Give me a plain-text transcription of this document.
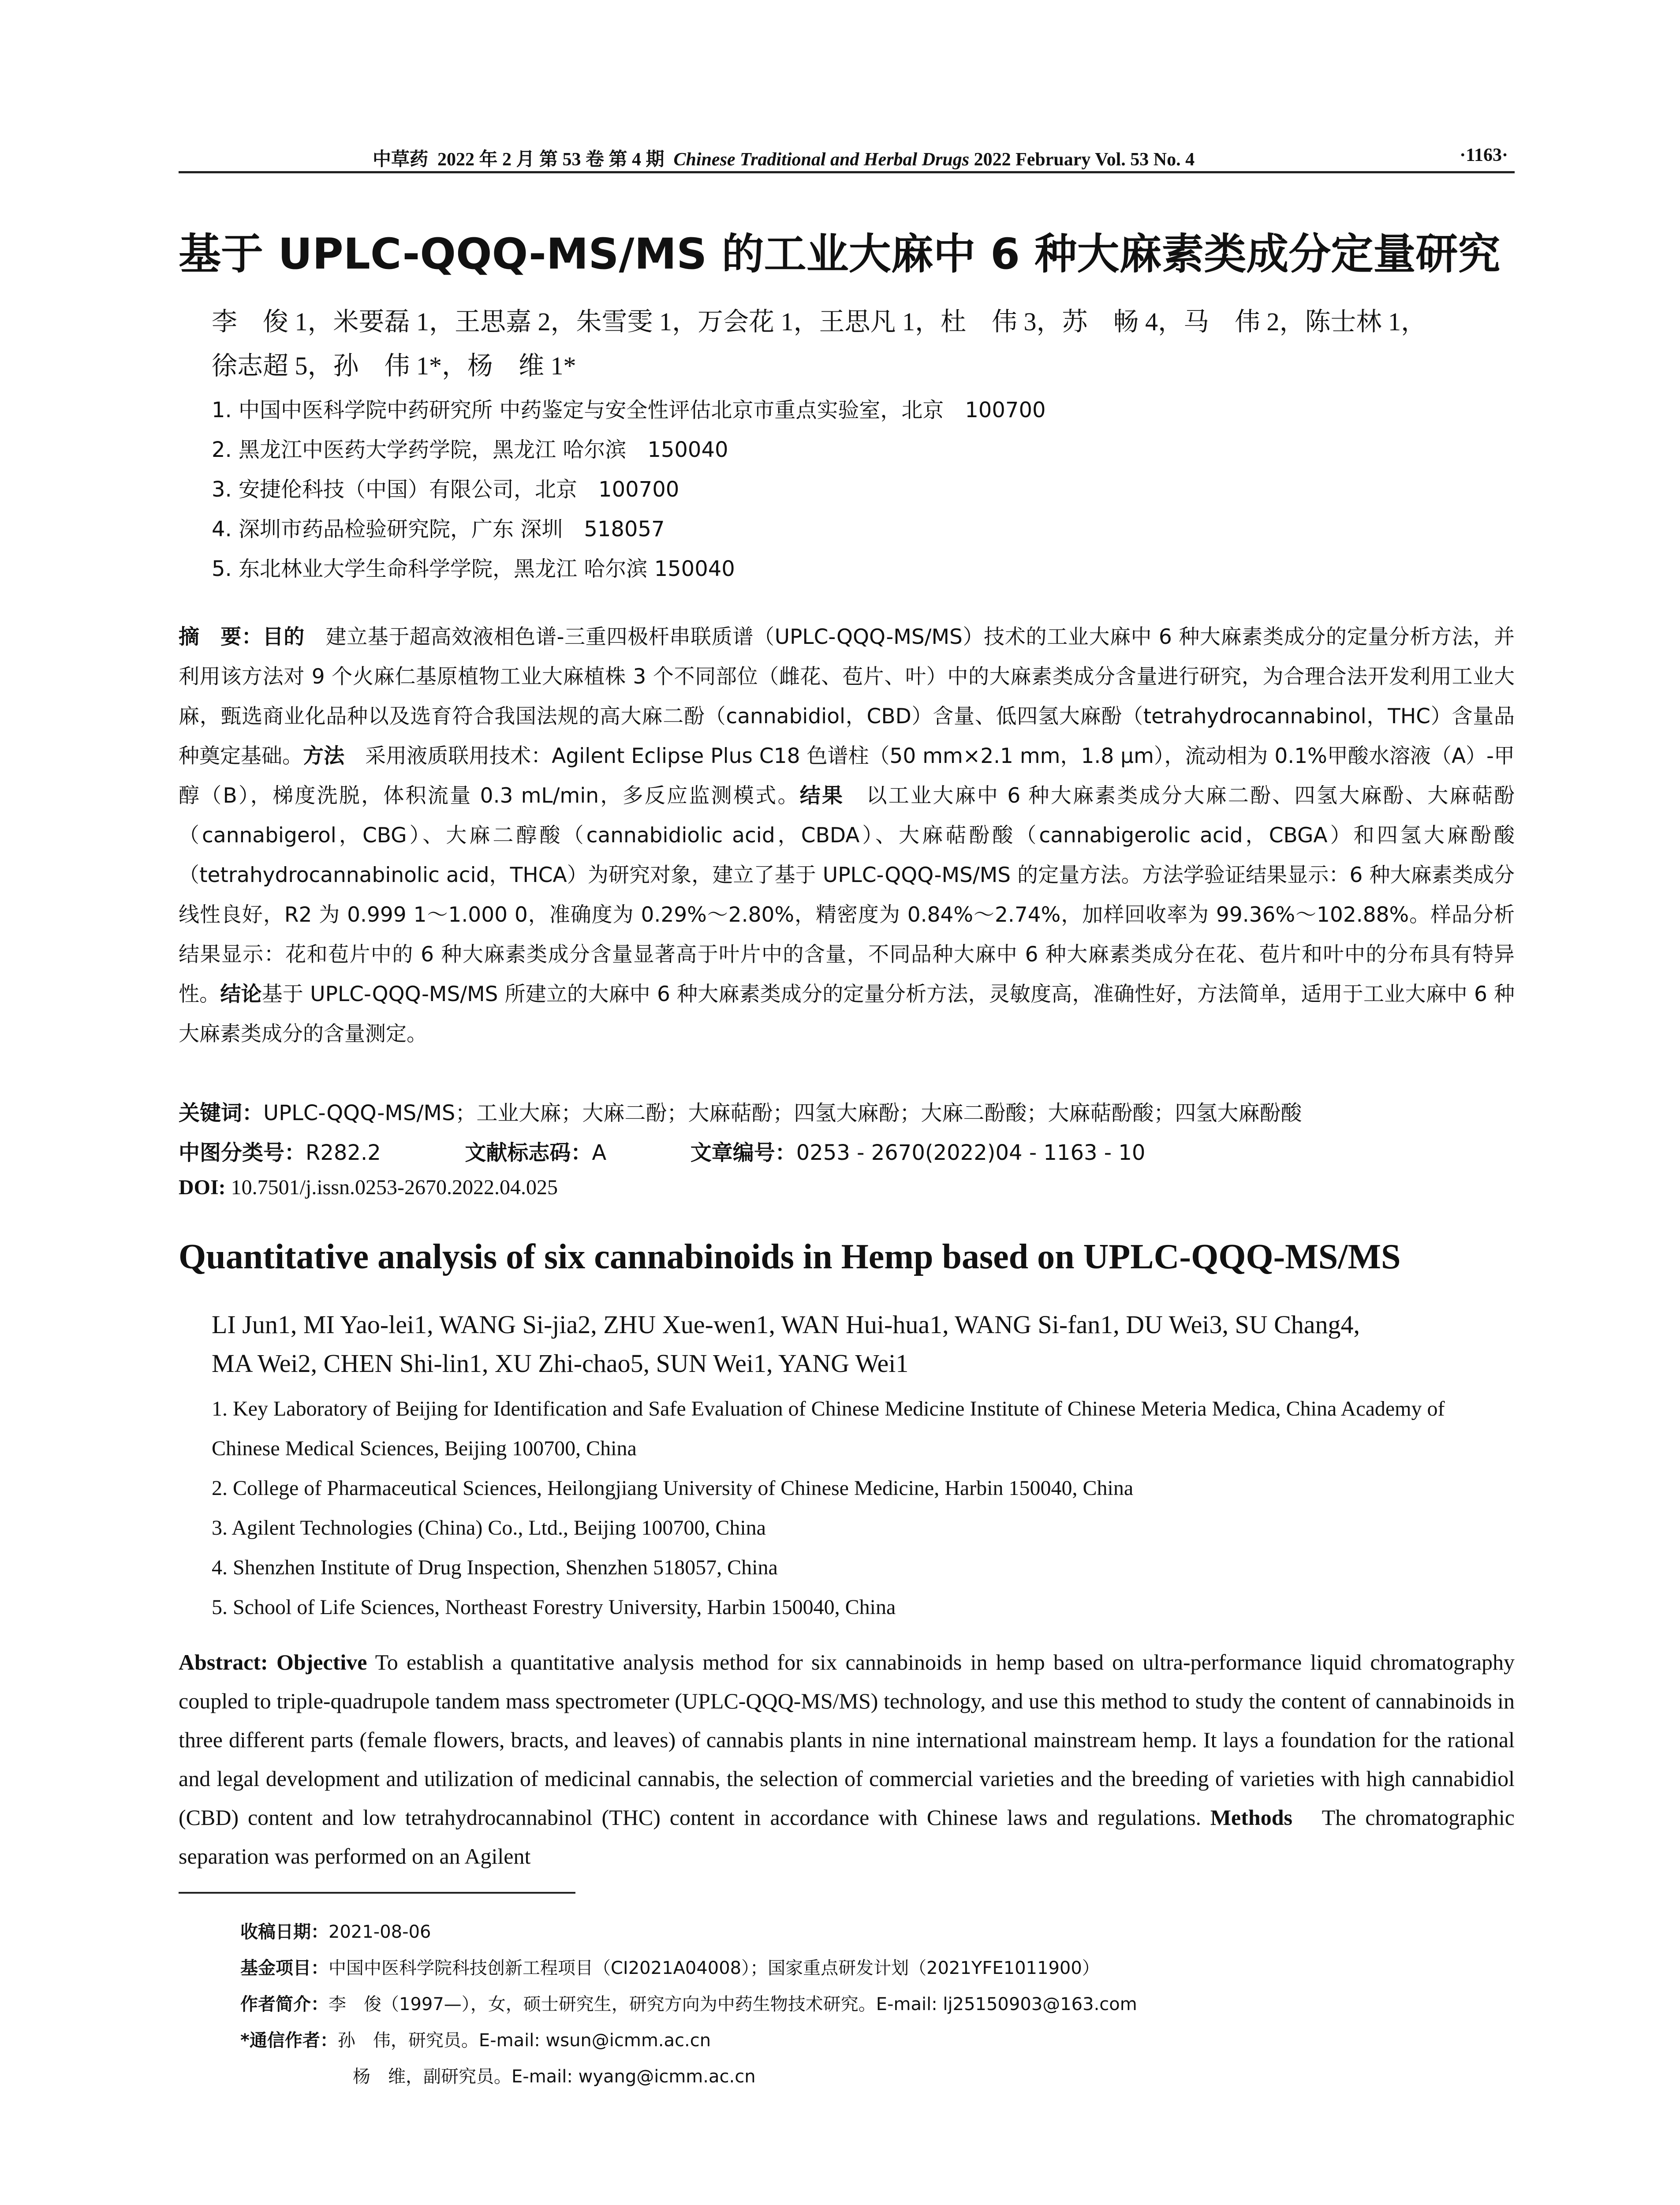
中草药 2022 年 2 月 第 53 卷 第 4 期 Chinese Traditional and Herbal Drugs 2022 February Vol. 53 No. 4	·1163·
基于 UPLC-QQQ-MS/MS 的工业大麻中 6 种大麻素类成分定量研究
李　俊 1，米要磊 1，王思嘉 2，朱雪雯 1，万会花 1，王思凡 1，杜　伟 3，苏　畅 4，马　伟 2，陈士林 1，
徐志超 5，孙　伟 1*，杨　维 1*
1. 中国中医科学院中药研究所 中药鉴定与安全性评估北京市重点实验室，北京　100700
2. 黑龙江中医药大学药学院，黑龙江 哈尔滨　150040
3. 安捷伦科技（中国）有限公司，北京　100700
4. 深圳市药品检验研究院，广东 深圳　518057
5. 东北林业大学生命科学学院，黑龙江 哈尔滨 150040
摘　要：目的　建立基于超高效液相色谱-三重四极杆串联质谱（UPLC-QQQ-MS/MS）技术的工业大麻中 6 种大麻素类成分的定量分析方法，并利用该方法对 9 个火麻仁基原植物工业大麻植株 3 个不同部位（雌花、苞片、叶）中的大麻素类成分含量进行研究，为合理合法开发利用工业大麻，甄选商业化品种以及选育符合我国法规的高大麻二酚（cannabidiol，CBD）含量、低四氢大麻酚（tetrahydrocannabinol，THC）含量品种奠定基础。方法　采用液质联用技术：Agilent Eclipse Plus C18 色谱柱（50 mm×2.1 mm，1.8 μm），流动相为 0.1%甲酸水溶液（A）-甲醇（B），梯度洗脱，体积流量 0.3 mL/min，多反应监测模式。结果　以工业大麻中 6 种大麻素类成分大麻二酚、四氢大麻酚、大麻萜酚（cannabigerol，CBG）、大麻二醇酸（cannabidiolic acid，CBDA）、大麻萜酚酸（cannabigerolic acid，CBGA）和四氢大麻酚酸（tetrahydrocannabinolic acid，THCA）为研究对象，建立了基于 UPLC-QQQ-MS/MS 的定量方法。方法学验证结果显示：6 种大麻素类成分线性良好，R2 为 0.999 1～1.000 0，准确度为 0.29%～2.80%，精密度为 0.84%～2.74%，加样回收率为 99.36%～102.88%。样品分析结果显示：花和苞片中的 6 种大麻素类成分含量显著高于叶片中的含量，不同品种大麻中 6 种大麻素类成分在花、苞片和叶中的分布具有特异性。结论基于 UPLC-QQQ-MS/MS 所建立的大麻中 6 种大麻素类成分的定量分析方法，灵敏度高，准确性好，方法简单，适用于工业大麻中 6 种大麻素类成分的含量测定。
关键词：UPLC-QQQ-MS/MS；工业大麻；大麻二酚；大麻萜酚；四氢大麻酚；大麻二酚酸；大麻萜酚酸；四氢大麻酚酸
中图分类号：R282.2	文献标志码：A	文章编号：0253 - 2670(2022)04 - 1163 - 10
DOI: 10.7501/j.issn.0253-2670.2022.04.025
Quantitative analysis of six cannabinoids in Hemp based on UPLC-QQQ-MS/MS
LI Jun1, MI Yao-lei1, WANG Si-jia2, ZHU Xue-wen1, WAN Hui-hua1, WANG Si-fan1, DU Wei3, SU Chang4,
MA Wei2, CHEN Shi-lin1, XU Zhi-chao5, SUN Wei1, YANG Wei1
1. Key Laboratory of Beijing for Identification and Safe Evaluation of Chinese Medicine Institute of Chinese Meteria Medica, China Academy of Chinese Medical Sciences, Beijing 100700, China
2. College of Pharmaceutical Sciences, Heilongjiang University of Chinese Medicine, Harbin 150040, China
3. Agilent Technologies (China) Co., Ltd., Beijing 100700, China
4. Shenzhen Institute of Drug Inspection, Shenzhen 518057, China
5. School of Life Sciences, Northeast Forestry University, Harbin 150040, China
Abstract: Objective To establish a quantitative analysis method for six cannabinoids in hemp based on ultra-performance liquid chromatography coupled to triple-quadrupole tandem mass spectrometer (UPLC-QQQ-MS/MS) technology, and use this method to study the content of cannabinoids in three different parts (female flowers, bracts, and leaves) of cannabis plants in nine international mainstream hemp. It lays a foundation for the rational and legal development and utilization of medicinal cannabis, the selection of commercial varieties and the breeding of varieties with high cannabidiol (CBD) content and low tetrahydrocannabinol (THC) content in accordance with Chinese laws and regulations. Methods　The chromatographic separation was performed on an Agilent
收稿日期：2021-08-06
基金项目：中国中医科学院科技创新工程项目（CI2021A04008）；国家重点研发计划（2021YFE1011900）
作者简介：李　俊（1997—），女，硕士研究生，研究方向为中药生物技术研究。E-mail: lj25150903@163.com
*通信作者：孙　伟，研究员。E-mail: wsun@icmm.ac.cn
杨　维，副研究员。E-mail: wyang@icmm.ac.cn
